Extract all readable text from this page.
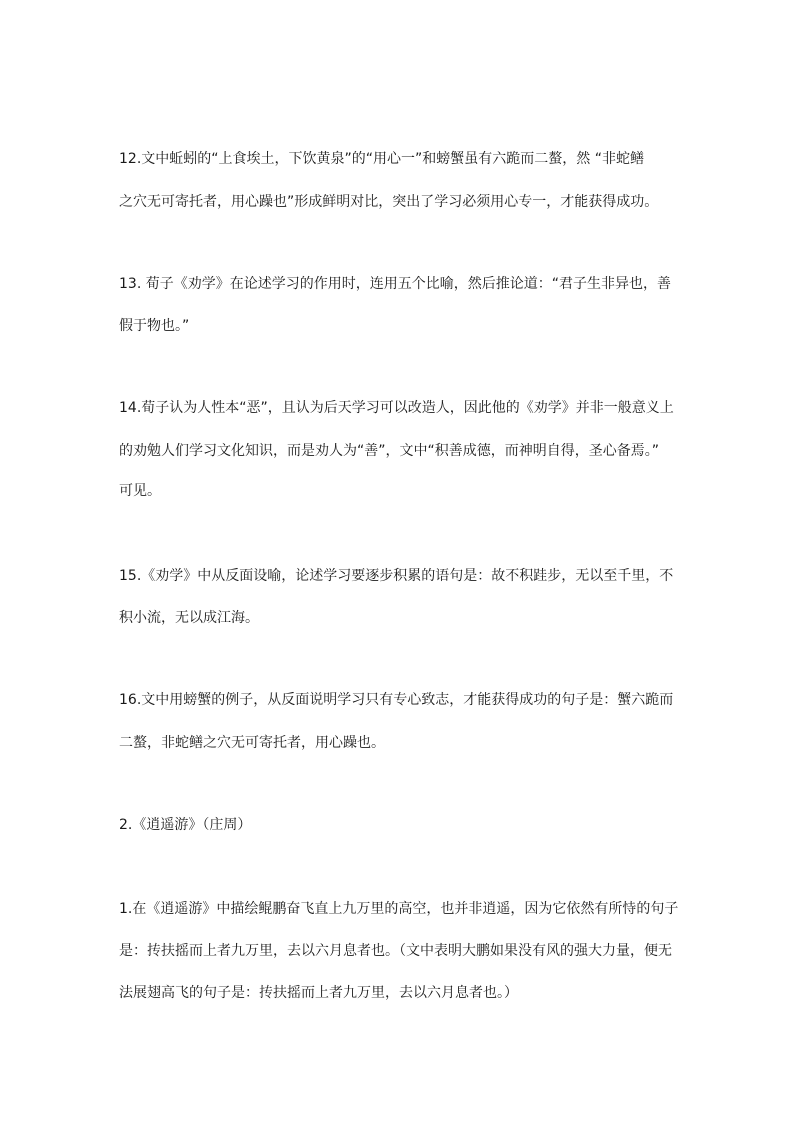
12.文中蚯蚓的“上食埃土，下饮黄泉”的“用心一”和螃蟹虽有六跪而二螯，然 “非蛇鳝
之穴无可寄托者，用心躁也”形成鲜明对比，突出了学习必须用心专一，才能获得成功。
13. 荀子《劝学》在论述学习的作用时，连用五个比喻，然后推论道：“君子生非异也，善
假于物也。”
14.荀子认为人性本“恶”，且认为后天学习可以改造人，因此他的《劝学》并非一般意义上
的劝勉人们学习文化知识，而是劝人为“善”，文中“积善成德，而神明自得，圣心备焉。”
可见。
15.《劝学》中从反面设喻，论述学习要逐步积累的语句是：故不积跬步，无以至千里，不
积小流，无以成江海。
16.文中用螃蟹的例子，从反面说明学习只有专心致志，才能获得成功的句子是：蟹六跪而
二螯，非蛇鳝之穴无可寄托者，用心躁也。
2.《逍遥游》（庄周）
1.在《逍遥游》中描绘鲲鹏奋飞直上九万里的高空，也并非逍遥，因为它依然有所恃的句子
是：抟扶摇而上者九万里，去以六月息者也。（文中表明大鹏如果没有风的强大力量，便无
法展翅高飞的句子是：抟扶摇而上者九万里，去以六月息者也。）
